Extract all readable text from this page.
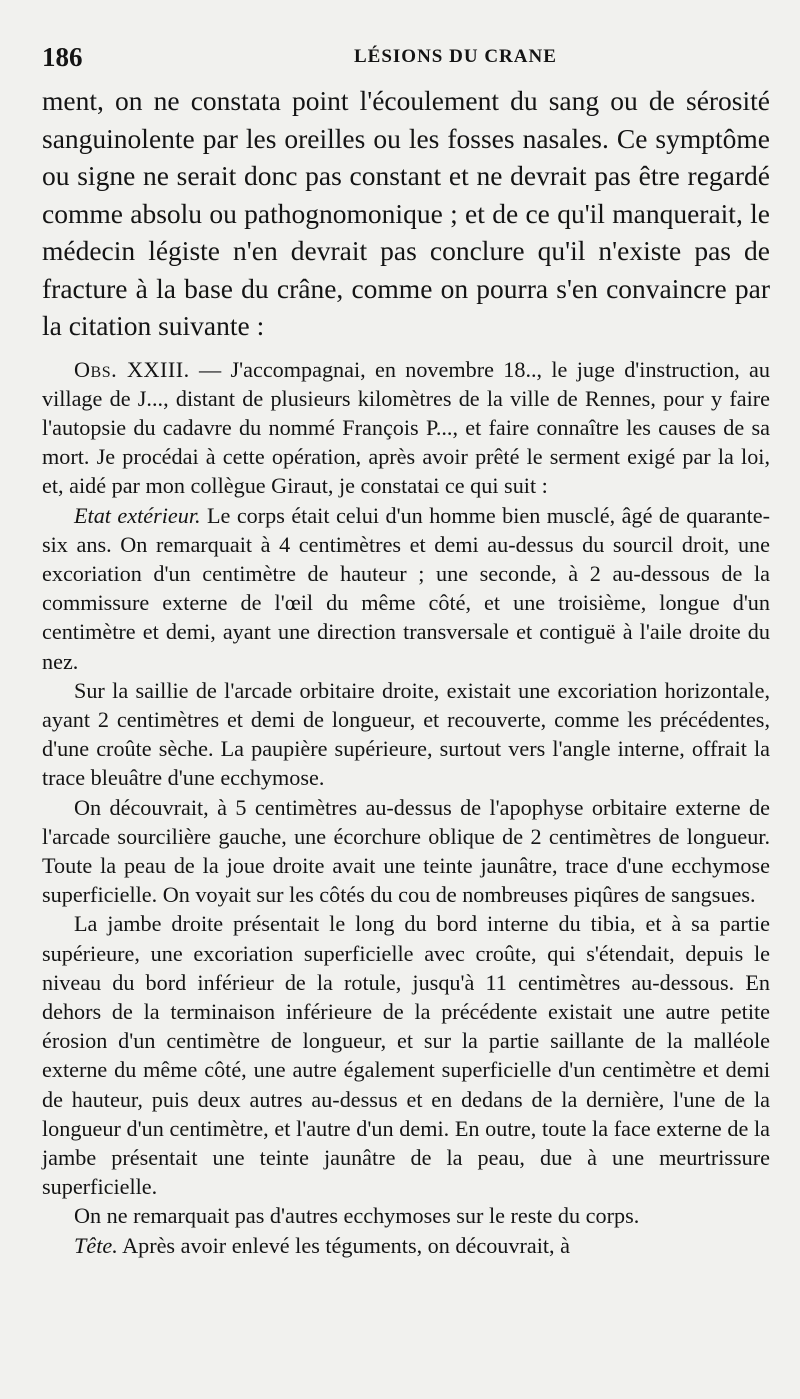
186	LÉSIONS DU CRANE

ment, on ne constata point l'écoulement du sang ou de sérosité sanguinolente par les oreilles ou les fosses nasales. Ce symptôme ou signe ne serait donc pas constant et ne devrait pas être regardé comme absolu ou pathognomonique ; et de ce qu'il manquerait, le médecin légiste n'en devrait pas conclure qu'il n'existe pas de fracture à la base du crâne, comme on pourra s'en convaincre par la citation suivante :

Obs. XXIII. — J'accompagnai, en novembre 18.., le juge d'instruction, au village de J..., distant de plusieurs kilomètres de la ville de Rennes, pour y faire l'autopsie du cadavre du nommé François P..., et faire connaître les causes de sa mort. Je procédai à cette opération, après avoir prêté le serment exigé par la loi, et, aidé par mon collègue Giraut, je constatai ce qui suit :

Etat extérieur. Le corps était celui d'un homme bien musclé, âgé de quarante-six ans. On remarquait à 4 centimètres et demi au-dessus du sourcil droit, une excoriation d'un centimètre de hauteur ; une seconde, à 2 au-dessous de la commissure externe de l'œil du même côté, et une troisième, longue d'un centimètre et demi, ayant une direction transversale et contiguë à l'aile droite du nez.

Sur la saillie de l'arcade orbitaire droite, existait une excoriation horizontale, ayant 2 centimètres et demi de longueur, et recouverte, comme les précédentes, d'une croûte sèche. La paupière supérieure, surtout vers l'angle interne, offrait la trace bleuâtre d'une ecchymose.

On découvrait, à 5 centimètres au-dessus de l'apophyse orbitaire externe de l'arcade sourcilière gauche, une écorchure oblique de 2 centimètres de longueur. Toute la peau de la joue droite avait une teinte jaunâtre, trace d'une ecchymose superficielle. On voyait sur les côtés du cou de nombreuses piqûres de sangsues.

La jambe droite présentait le long du bord interne du tibia, et à sa partie supérieure, une excoriation superficielle avec croûte, qui s'étendait, depuis le niveau du bord inférieur de la rotule, jusqu'à 11 centimètres au-dessous. En dehors de la terminaison inférieure de la précédente existait une autre petite érosion d'un centimètre de longueur, et sur la partie saillante de la malléole externe du même côté, une autre également superficielle d'un centimètre et demi de hauteur, puis deux autres au-dessus et en dedans de la dernière, l'une de la longueur d'un centimètre, et l'autre d'un demi. En outre, toute la face externe de la jambe présentait une teinte jaunâtre de la peau, due à une meurtrissure superficielle.

On ne remarquait pas d'autres ecchymoses sur le reste du corps.

Tête. Après avoir enlevé les téguments, on découvrait, à
